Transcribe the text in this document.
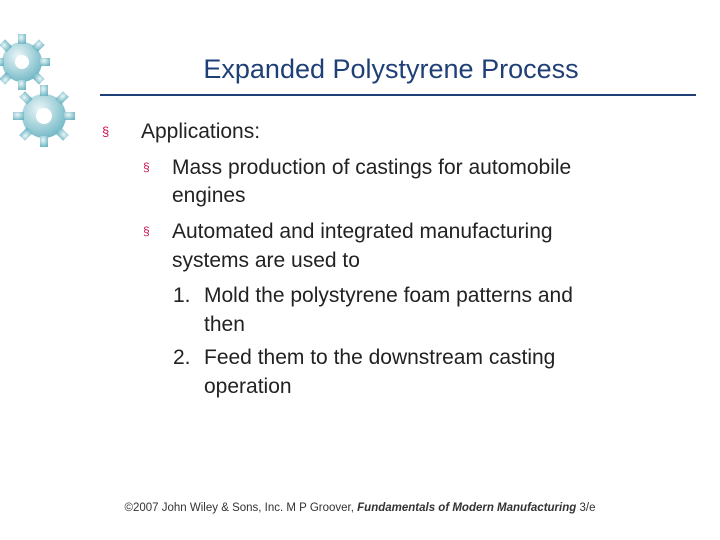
Expanded Polystyrene Process
§ Applications:
§ Mass production of castings for automobile
engines
§ Automated and integrated manufacturing
systems are used to
1. Mold the polystyrene foam patterns and
then
2. Feed them to the downstream casting
operation
©2007 John Wiley & Sons, Inc. M P Groover, Fundamentals of Modern Manufacturing 3/e
